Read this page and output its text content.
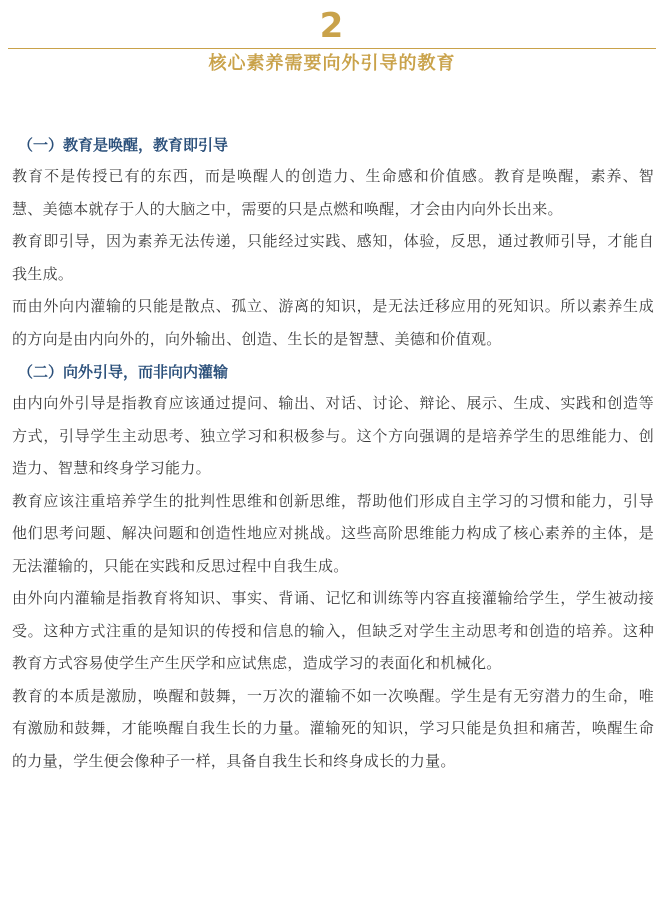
2
核心素养需要向外引导的教育
（一）教育是唤醒，教育即引导

教育不是传授已有的东西，而是唤醒人的创造力、生命感和价值感。教育是唤醒，素养、智慧、美德本就存于人的大脑之中，需要的只是点燃和唤醒，才会由内向外长出来。

教育即引导，因为素养无法传递，只能经过实践、感知，体验，反思，通过教师引导，才能自我生成。

而由外向内灌输的只能是散点、孤立、游离的知识，是无法迁移应用的死知识。所以素养生成的方向是由内向外的，向外输出、创造、生长的是智慧、美德和价值观。

（二）向外引导，而非向内灌输

由内向外引导是指教育应该通过提问、输出、对话、讨论、辩论、展示、生成、实践和创造等方式，引导学生主动思考、独立学习和积极参与。这个方向强调的是培养学生的思维能力、创造力、智慧和终身学习能力。

教育应该注重培养学生的批判性思维和创新思维，帮助他们形成自主学习的习惯和能力，引导他们思考问题、解决问题和创造性地应对挑战。这些高阶思维能力构成了核心素养的主体，是无法灌输的，只能在实践和反思过程中自我生成。

由外向内灌输是指教育将知识、事实、背诵、记忆和训练等内容直接灌输给学生，学生被动接受。这种方式注重的是知识的传授和信息的输入，但缺乏对学生主动思考和创造的培养。这种教育方式容易使学生产生厌学和应试焦虑，造成学习的表面化和机械化。

教育的本质是激励，唤醒和鼓舞，一万次的灌输不如一次唤醒。学生是有无穷潜力的生命，唯有激励和鼓舞，才能唤醒自我生长的力量。灌输死的知识，学习只能是负担和痛苦，唤醒生命的力量，学生便会像种子一样，具备自我生长和终身成长的力量。
